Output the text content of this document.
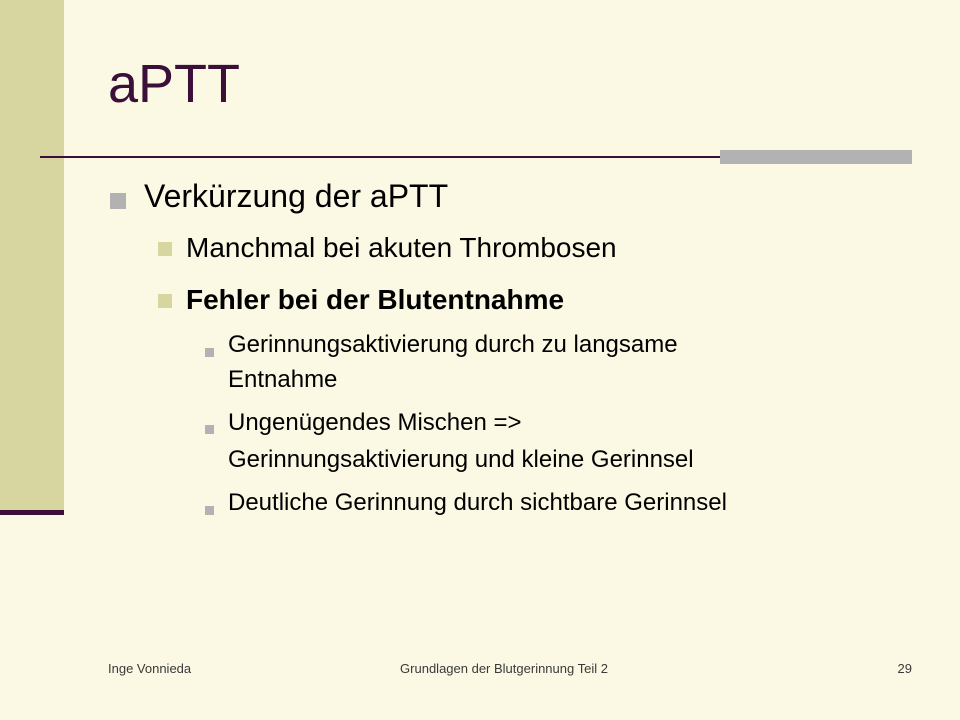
aPTT
Verkürzung der aPTT
Manchmal bei akuten Thrombosen
Fehler bei der Blutentnahme
Gerinnungsaktivierung durch zu langsame
Entnahme
Ungenügendes Mischen =>
Gerinnungsaktivierung und kleine Gerinnsel
Deutliche Gerinnung durch sichtbare Gerinnsel
Inge Vonnieda	Grundlagen der Blutgerinnung Teil 2	29
